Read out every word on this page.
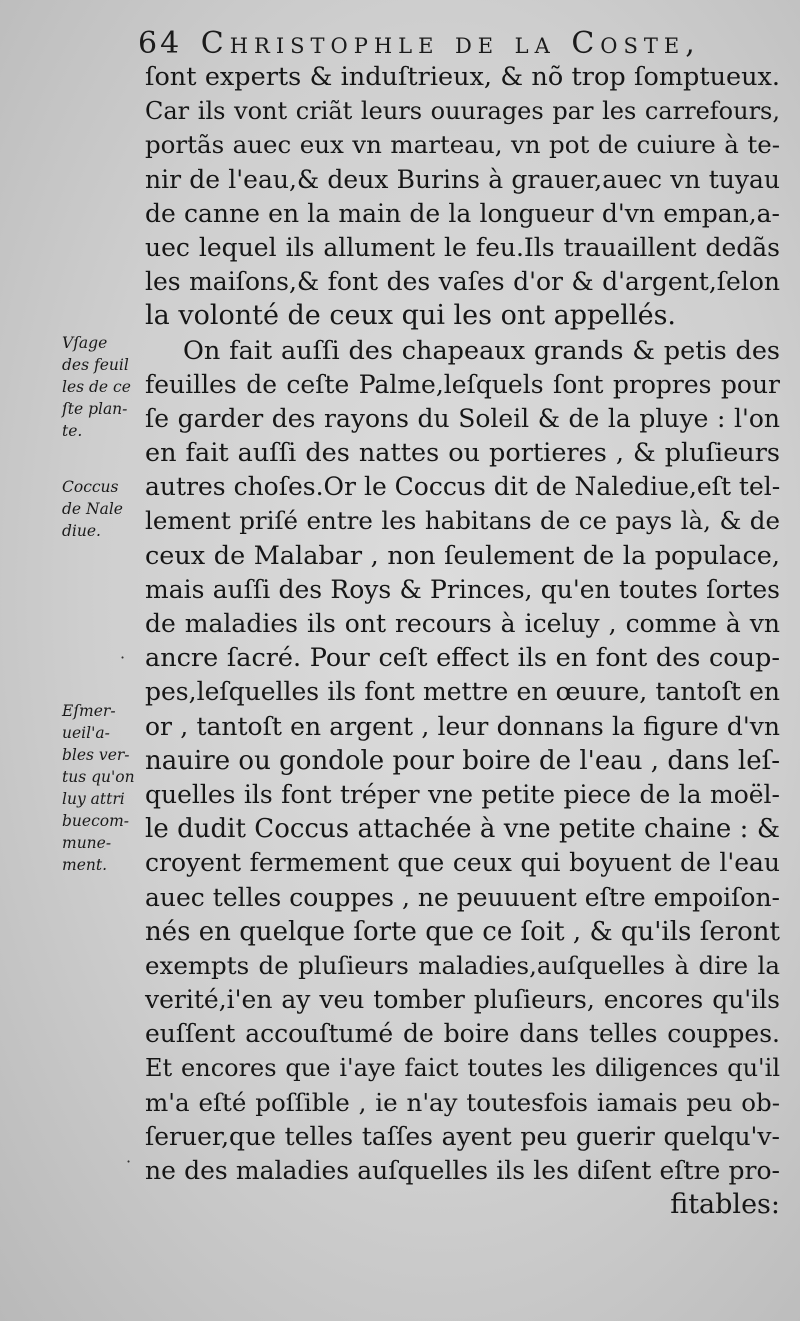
64 Christophle de la Coste,
ſont experts & induſtrieux, & nõ trop ſomptueux.
Car ils vont criãt leurs ouurages par les carrefours,
portãs auec eux vn marteau, vn pot de cuiure à te-
nir de l'eau,& deux Burins à grauer,auec vn tuyau
de canne en la main de la longueur d'vn empan,a-
uec lequel ils allument le feu.Ils trauaillent dedãs
les maiſons,& font des vaſes d'or & d'argent,ſelon
la volonté de ceux qui les ont appellés.
On fait auſſi des chapeaux grands & petis des
feuilles de ceſte Palme,leſquels ſont propres pour
ſe garder des rayons du Soleil & de la pluye : l'on
en fait auſſi des nattes ou portieres , & pluſieurs
autres choſes.Or le Coccus dit de Nalediue,eſt tel-
lement priſé entre les habitans de ce pays là, & de
ceux de Malabar , non ſeulement de la populace,
mais auſſi des Roys & Princes, qu'en toutes ſortes
de maladies ils ont recours à iceluy , comme à vn
ancre ſacré. Pour ceſt effect ils en font des coup-
pes,leſquelles ils font mettre en œuure, tantoſt en
or , tantoſt en argent , leur donnans la figure d'vn
nauire ou gondole pour boire de l'eau , dans leſ-
quelles ils font tréper vne petite piece de la moël-
le dudit Coccus attachée à vne petite chaine : &
croyent fermement que ceux qui boyuent de l'eau
auec telles couppes , ne peuuuent eſtre empoiſon-
nés en quelque ſorte que ce ſoit , & qu'ils ſeront
exempts de pluſieurs maladies,auſquelles à dire la
verité,i'en ay veu tomber pluſieurs, encores qu'ils
euſſent accouſtumé de boire dans telles couppes.
Et encores que i'aye faict toutes les diligences qu'il
m'a eſté poſſible , ie n'ay toutesfois iamais peu ob-
ſeruer,que telles taſſes ayent peu guerir quelqu'v-
ne des maladies auſquelles ils les diſent eſtre pro-
fitables:
Vſage
des feuil
les de ce
ſte plan-
te.
Coccus
de Nale
diue.
Eſmer-
ueil'a-
bles ver-
tus qu'on
luy attri
buecom-
mune-
ment.
·
·
